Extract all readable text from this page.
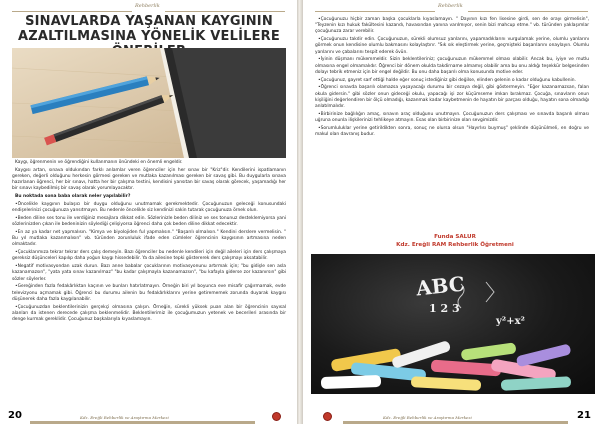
Rehberlik
SINAVLARDA YAŞANAN KAYGININ AZALTILMASINA YÖNELİK VELİLERE

Kaygı, öğrenmenin ve öğrendiğini kullanmanın önündeki en önemli engeldir.

Kaygısı artan, sınava oldukından farklı anlamlar veren öğrenciler için her sınav bir "Kriz"dir. Kendilerini ispatlamanın gereken, değerli olduğunu herkesin görmesi gereken ve mutlaka kazanılması gereken bir savaş gibi. Bu duygularla sınava hazırlanan öğrenci, her bir sınavı, hatta her bir çalışma testini, kendisini yansıtan bir savaş olarak görecek, yaşamadığı her bir sınavı kaybedilmiş bir savaş olarak yorumlayacaktır.

Bu noktada sona baba olarak neler yapılabilir?

•Öncelikle kaygının bulaşıcı bir duygu olduğunu unutmamak gerekmektedir. Çocuğunuzun geleceği konusundaki endişelerinizi çocuğunuza yansıtmayın. Bu nedenle öncelikle siz kendinizi sakin tutarak çocuğunuza örnek olun.

•Beden diline ses tonu ile verdiğiniz mesajlara dikkat edin. Sözlerinizle beden diliniz ve ses tonunuz desteklemiyorsa yani sözlerinizden çıkan ile bedeninizin söylediği çelişiyorsa öğrenci daha çok beden diline dikkat edecektir.

•En az ya kadar net yapmalısın. "Kimya ve biyolojiden ful yapmalısın." "Başarılı olmalısın." Kendini derslere vermelisin. " Bu yıl mutlaka kazanmalısın" vb. türünden zorunluluk ifade eden cümleler öğrencinin kaygısının artmasına neden olmaktadır.

•Çocuklarımıza tekrar tekrar ders çalış demeyin. Bazı öğrenciler bu nedenle kendileri için değil aileleri için ders çalışmaya gereksiz düşünceleri kapılıp daha yoğun kaygı hissedebilir. Ya da ailesine tepki göstererek ders çalışmayı aksatabilir.

•Negatif motivasyondan uzak durun. Bazı anne babalar çocuklarının motivasyonunu artırmak için; "bu gidişle sen asla kazanamazsın", "yata yata sınav kazanılmaz" "bu kadar çalışmayla kazanamazsın", "bu kafayla giderse zor kazanırsın" gibi sözler söylerler.

•Gereğinden fazla fedakârlıktan kaçının ve bunları hatırlatmayın. Örneğin biri yıl boyunca eve misafir çağırmamak, evde televizyonu açmamak gibi. Öğrenci bu durumu ailenin bu fedakârlıklarını yerine getirememek zorunda duyarak kaygısı düşünerek daha fazla kaygılanabilir.

•Çocuğunuzdan beklentilerinizin gerçekçi olmasına çalışın. Örneğin, sürekli yüksek puan alan bir öğrencinin sayısal alanları da istenen derecede çalışma beklenmelidir. Beklentilerimiz ile çocuğumuzun yetenek ve becerileri arasında bir denge kurmak gereklidir. Çocuğunuz başkalarıyla kıyaslamayın.

20	Kdz. Ereğli Rehberlik ve Araştırma Merkezi
Rehberlik

•Çocuğunuzu hiçbir zaman başka çocuklarla kıyaslamayın. " Dayının kızı fen lisesine girdi, sen de orayı girmelisin", "Teyzenin kızı hukuk fakültesini kazandı, havasından yanına varılmıyor, senin bizi mahcup etme." vb. türünden yaklaşımlar çocuğunuza zarar verebilir.

•Çocuğunuzu takdir edin. Çocuğunuzun, sürekli olumsuz yanlarını, yapamadıklarını vurgulamak yerine, olumlu yanlarını görmek onun kendisine olumlu bakmasını kolaylaştırır. "Sık sık eleştirmek yerine, geçmişteki başarılarını onaylayın. Olumlu yanlarını ve çabalarını tespit ederek övün.

•İyinin düşmanı mükemmeldir. Sizin beklentileriniz; çocuğunuzun mükemmel olması olabilir. Ancak bu, iyiye ve mutlu olmasına engel olmamalıdır. Öğrenci bir dönem okulda takdirname almamış olabilir ama bu onu aldığı teşekkür belgesinden dolayı tebrik etmeniz için bir engel değildir. Bu onu daha başarılı olma konusunda motive eder.

•Çocuğunuz, gayret sarf ettiği halde eğer sonuç istediğiniz gibi değilse, elinden gelenin o kadar olduğunu kabullenin.

•Öğrenci sınavda başarılı olamazsa yaşayacağı durumu bir cezaya değil, gibi göstermeyin. "Eğer kazanamazsan, falan okula gidersin." gibi sözler onun gideceği okulu, yapacağı işi zor küçümseme imkan bırakmaz. Çocuğa, sınavların onun kişiliğini değerlendiren bir ölçü olmadığı, kazanmak kadar kaybetmenin de hayatın bir parçası olduğu, hayatın sona olmadığı anlatılmalıdır.

•Birbirinize bağlılığın amaç, sınavın araç olduğunu unutmayın. Çocuğunuzun ders çalışması ve sınavda başarılı olması uğruna onunla ilişkilerinizi tehlikeye atmayın. Esas olan birbirinize olan sevgimizdir.

•Sorumluluklar yerine getirildikten sonra, sonuç ne olursa olsun "Hayırlısı buymuş" şeklinde düşünülmeli, en doğru ve makul olan davranış budur.

Funda SALUR
Kdz. Ereğli RAM Rehberlik Öğretmeni
ABC
1 2 3
y²+x²
Kdz. Ereğli Rehberlik ve Araştırma Merkezi	21
